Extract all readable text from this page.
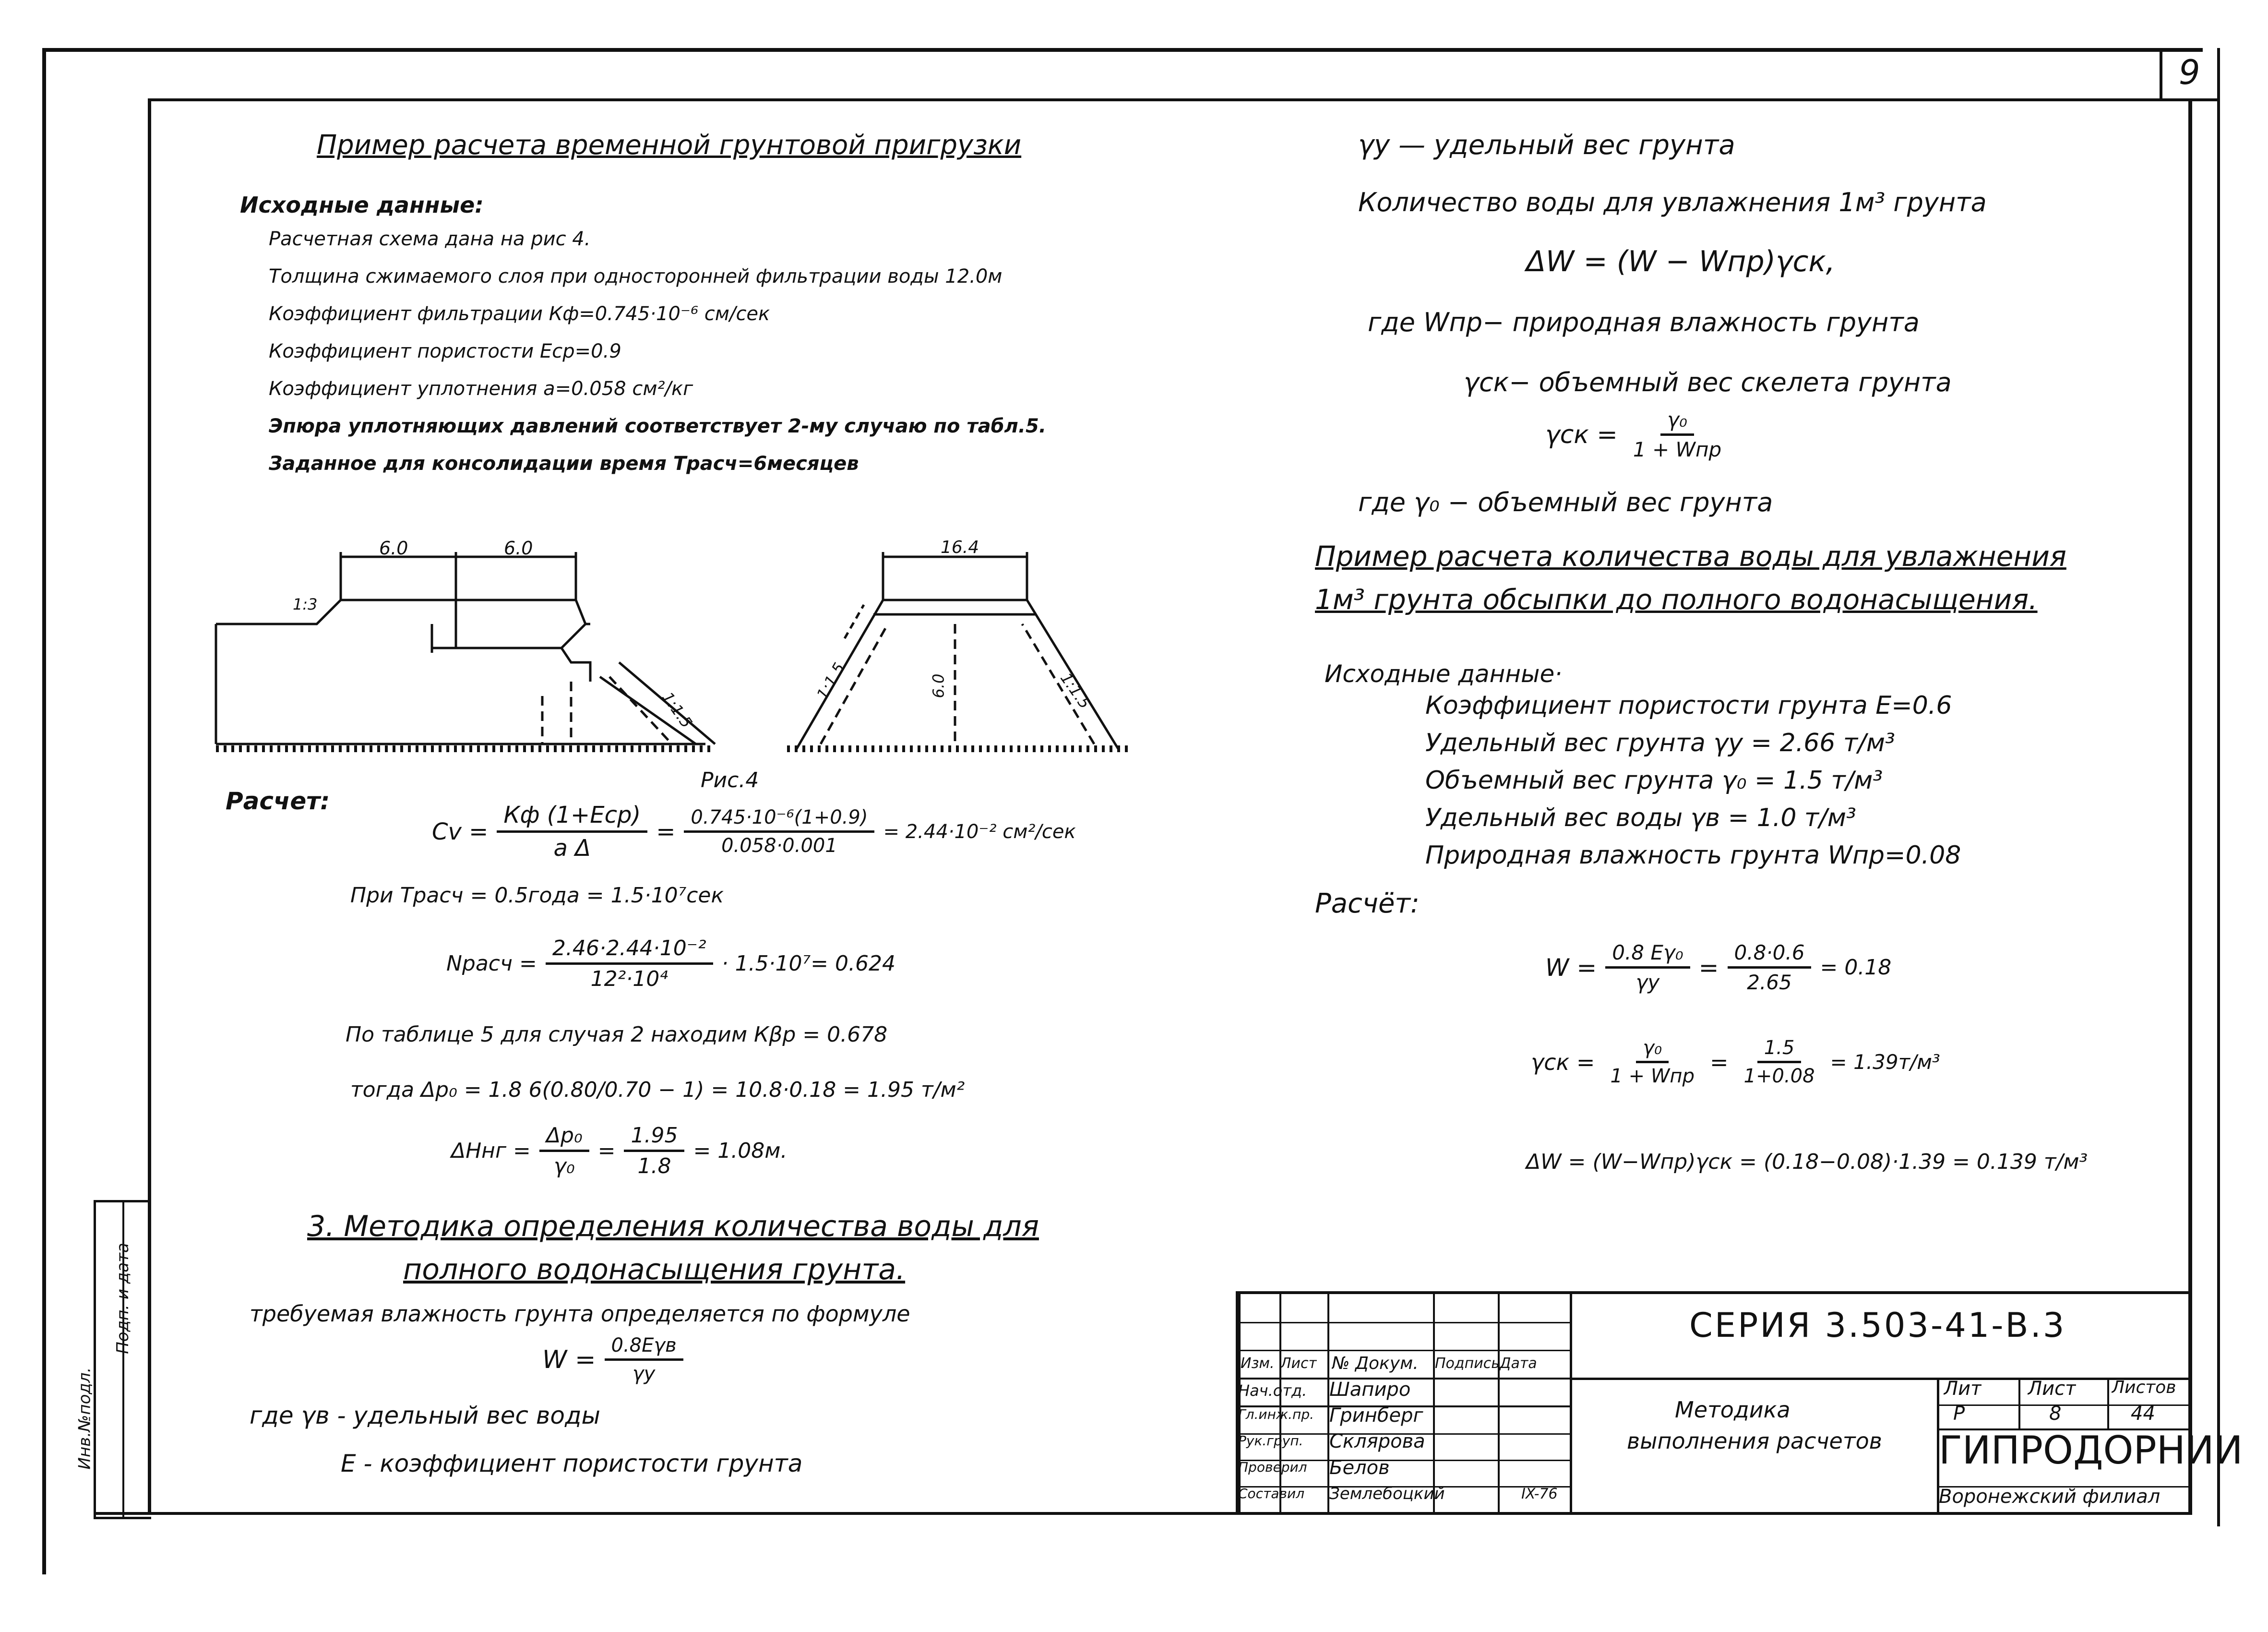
9
Инв.№подл.
Подп. и дата
Пример расчета временной грунтовой пригрузки
Исходные данные:
Расчетная схема дана на рис 4.
Толщина сжимаемого слоя при односторонней фильтрации воды 12.0м
Коэффициент фильтрации Кф=0.745·10⁻⁶ см/сек
Коэффициент пористости Eср=0.9
Коэффициент уплотнения a=0.058 см²/кг
Эпюра уплотняющих давлений соответствует 2-му случаю по табл.5.
Заданное для консолидации время Tрасч=6месяцев
6.0	6.0	16.4
1:3
1:1.5
1:1.5	1:1.5
6.0
Рис.4
Расчет:
$Cv = \frac{\text{Кф (1+Eср)}}{\text{a Δ}} = \frac{\text{0.745·10⁻⁶(1+0.9)}}{0.058\cdot 0.001} = 2.44\cdot 10^{-2}$ см²/сек
При Tрасч = 0.5года = 1.5·10⁷сек
Nрасч = $\frac{\text{2.46·2.44·10⁻²}}{\text{12²·10⁴}} \cdot 1.5\cdot 10^7= 0.624$
По таблице 5 для случая 2 находим Кβp = 0.678
тогда Δp₀ = 1.8 6(0.80/0.70 − 1) = 10.8·0.18 = 1.95 т/м²
$\Delta Hнг = \frac{\text{Δp₀}}{\text{γ₀}} = \frac{1.95}{1.8} = 1.08м$.
3. Методика определения количества воды для
полного водонасыщения грунта.
требуемая влажность грунта определяется по формуле
$W = \frac{\text{0.8Eγв}}{\gamma у}$
где γв - удельный вес воды
E - коэффициент пористости грунта
γу — удельный вес грунта
Количество воды для увлажнения 1м³ грунта
ΔW = (W − Wпр)γск,
где Wпр− природная влажность грунта
γск− объемный вес скелета грунта
$\gamma ск = \frac{\text{γ₀}}{\text{1 + Wпр}}$
где γ₀ − объемный вес грунта
Пример расчета количества воды для увлажнения
1м³ грунта обсыпки до полного водонасыщения.
Исходные данные·
Коэффициент пористости грунта E=0.6
Удельный вес грунта γу = 2.66 т/м³
Объемный вес грунта γ₀ = 1.5 т/м³
Удельный вес воды γв = 1.0 т/м³
Природная влажность грунта Wпр=0.08
Расчёт:
$W = \frac{\text{0.8 Eγ₀}}{\gamma у} = \frac{0.8\cdot 0.6}{2.65} = 0.18$
$\gamma ск = \frac{\text{γ₀}}{\text{1 + Wпр}} = \frac{1.5}{1+0.08} = 1.39т/м^3$
ΔW = (W−Wпр)γск = (0.18−0.08)·1.39 = 0.139 т/м³
СЕРИЯ 3.503-41-В.3
Изм. Лист № Докум. Подпись Дата
Нач.отд. Шапиро
Гл.инж.пр. Гринберг
Рук.груп. Склярова
Проверил Белов
Составил Землебоцкий	IX-76
Методика
выполнения расчетов
Лит Лист Листов
Р	8	44
ГИПРОДОРНИИ
Воронежский филиал
